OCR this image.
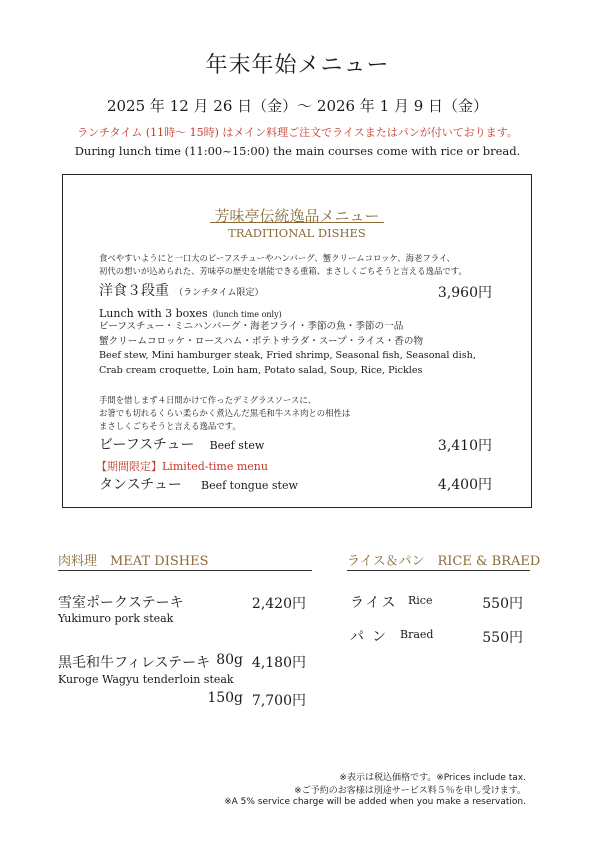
年末年始メニュー
2025 年 12 月 26 日（金）〜 2026 年 1 月 9 日（金）
ランチタイム (11時〜 15時) はメイン料理ご注文でライスまたはパンが付いております。
During lunch time (11:00~15:00) the main courses come with rice or bread.
芳味亭伝統逸品メニュー
TRADITIONAL DISHES
食べやすいようにと一口大のビーフスチューやハンバーグ、蟹クリームコロッケ、海老フライ、
初代の想いが込められた、芳味亭の歴史を堪能できる重箱、まさしくごちそうと言える逸品です。
洋食３段重 （ランチタイム限定）	3,960円
Lunch with 3 boxes (lunch time only)
ビーフスチュー・ミニハンバーグ・海老フライ・季節の魚・季節の一品
蟹クリームコロッケ・ロースハム・ポテトサラダ・スープ・ライス・香の物
Beef stew, Mini hamburger steak, Fried shrimp, Seasonal fish, Seasonal dish,
Crab cream croquette, Loin ham, Potato salad, Soup, Rice, Pickles
手間を惜しまず４日間かけて作ったデミグラスソースに、
お箸でも切れるくらい柔らかく煮込んだ黒毛和牛スネ肉との相性は
まさしくごちそうと言える逸品です。
ビーフスチュー Beef stew	3,410円
【期間限定】Limited-time menu
タンスチュー Beef tongue stew	4,400円
肉料理　MEAT DISHES
雪室ポークステーキ	2,420円
Yukimuro pork steak
黒毛和牛フィレステーキ 80g 4,180円
Kuroge Wagyu tenderloin steak
150g 7,700円
ライス＆パン　RICE & BRAED
ライス Rice	550円
パン Braed	550円
※表示は税込価格です。※Prices include tax.
※ご予約のお客様は別途サービス料５％を申し受けます。
※A 5% service charge will be added when you make a reservation.
